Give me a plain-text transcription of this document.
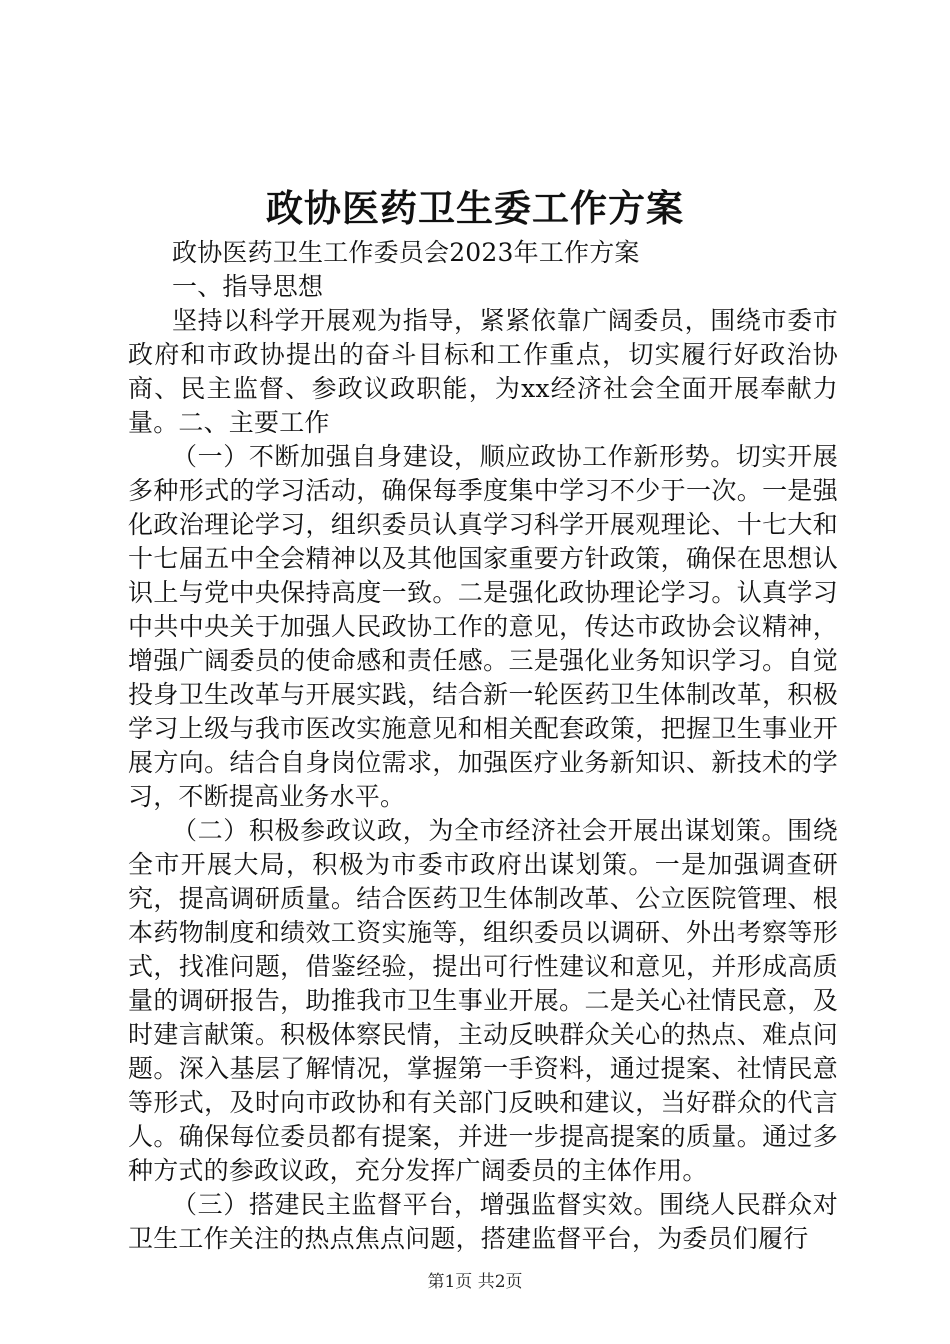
政协医药卫生委工作方案

政协医药卫生工作委员会2023年工作方案

一、指导思想

坚持以科学开展观为指导，紧紧依靠广阔委员，围绕市委市政府和市政协提出的奋斗目标和工作重点，切实履行好政治协商、民主监督、参政议政职能，为xx经济社会全面开展奉献力量。二、主要工作

（一）不断加强自身建设，顺应政协工作新形势。切实开展多种形式的学习活动，确保每季度集中学习不少于一次。一是强化政治理论学习，组织委员认真学习科学开展观理论、十七大和十七届五中全会精神以及其他国家重要方针政策，确保在思想认识上与党中央保持高度一致。二是强化政协理论学习。认真学习中共中央关于加强人民政协工作的意见，传达市政协会议精神，增强广阔委员的使命感和责任感。三是强化业务知识学习。自觉投身卫生改革与开展实践，结合新一轮医药卫生体制改革，积极学习上级与我市医改实施意见和相关配套政策，把握卫生事业开展方向。结合自身岗位需求，加强医疗业务新知识、新技术的学习，不断提高业务水平。

（二）积极参政议政，为全市经济社会开展出谋划策。围绕全市开展大局，积极为市委市政府出谋划策。一是加强调查研究，提高调研质量。结合医药卫生体制改革、公立医院管理、根本药物制度和绩效工资实施等，组织委员以调研、外出考察等形式，找准问题，借鉴经验，提出可行性建议和意见，并形成高质量的调研报告，助推我市卫生事业开展。二是关心社情民意，及时建言献策。积极体察民情，主动反映群众关心的热点、难点问题。深入基层了解情况，掌握第一手资料，通过提案、社情民意等形式，及时向市政协和有关部门反映和建议，当好群众的代言人。确保每位委员都有提案，并进一步提高提案的质量。通过多种方式的参政议政，充分发挥广阔委员的主体作用。

（三）搭建民主监督平台，增强监督实效。围绕人民群众对卫生工作关注的热点焦点问题，搭建监督平台，为委员们履行

第1页 共2页
